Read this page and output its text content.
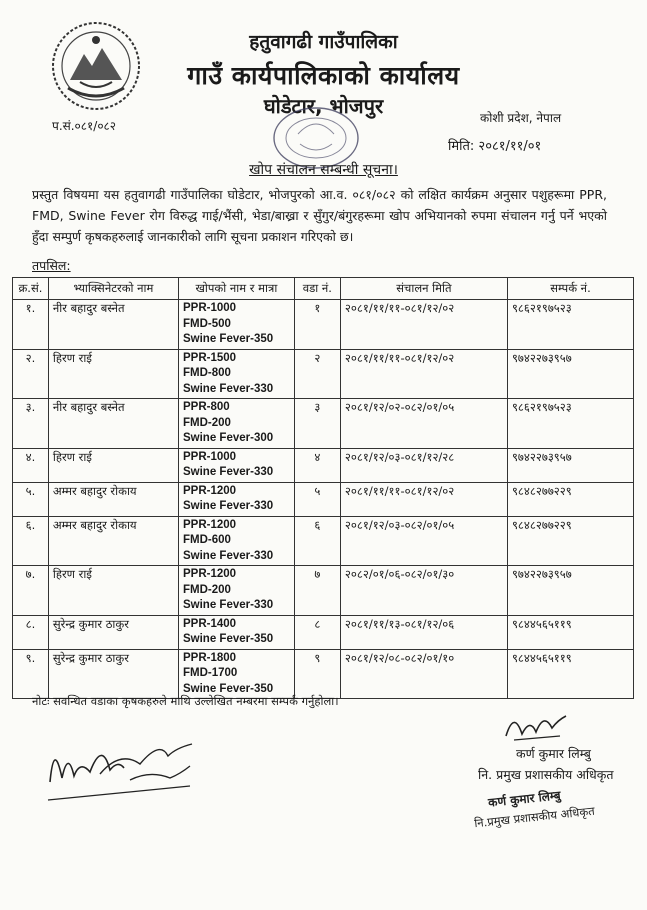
हतुवागढी गाउँपालिका
गाउँ कार्यपालिकाको कार्यालय
घोडेटार, भोजपुर
प.सं.०८१/०८२
कोशी प्रदेश, नेपाल
मिति: २०८१/११/०१
खोप संचालन सम्बन्धी सूचना।
प्रस्तुत विषयमा यस हतुवागढी गाउँपालिका घोडेटार, भोजपुरको आ.व. ०८१/०८२ को लक्षित कार्यक्रम अनुसार पशुहरूमा PPR, FMD, Swine Fever रोग विरुद्ध गाई/भैंसी, भेडा/बाख्रा र सुँगुर/बंगुरहरूमा खोप अभियानको रुपमा संचालन गर्नु पर्ने भएको हुँदा सम्पुर्ण कृषकहरुलाई जानकारीको लागि सूचना प्रकाशन गरिएको छ।
तपसिल:
क्र.सं.	भ्याक्सिनेटरको नाम	खोपको नाम र मात्रा	वडा नं.	संचालन मिति	सम्पर्क नं.
१.	नीर बहादुर बस्नेत	PPR-1000
FMD-500
Swine Fever-350	१	२०८१/११/११-०८१/१२/०२	९८६२१९७५२३
२.	हिरण राई	PPR-1500
FMD-800
Swine Fever-330	२	२०८१/११/११-०८१/१२/०२	९७४२२७३९५७
३.	नीर बहादुर बस्नेत	PPR-800
FMD-200
Swine Fever-300	३	२०८१/१२/०२-०८२/०१/०५	९८६२१९७५२३
४.	हिरण राई	PPR-1000
Swine Fever-330	४	२०८१/१२/०३-०८१/१२/२८	९७४२२७३९५७
५.	अम्मर बहादुर रोकाय	PPR-1200
Swine Fever-330	५	२०८१/११/११-०८१/१२/०२	९८४८२७७२२९
६.	अम्मर बहादुर रोकाय	PPR-1200
FMD-600
Swine Fever-330	६	२०८१/१२/०३-०८२/०१/०५	९८४८२७७२२९
७.	हिरण राई	PPR-1200
FMD-200
Swine Fever-330	७	२०८२/०१/०६-०८२/०१/३०	९७४२२७३९५७
८.	सुरेन्द्र कुमार ठाकुर	PPR-1400
Swine Fever-350	८	२०८१/११/१३-०८१/१२/०६	९८४४५६५११९
९.	सुरेन्द्र कुमार ठाकुर	PPR-1800
FMD-1700
Swine Fever-350	९	२०८१/१२/०८-०८२/०१/१०	९८४४५६५११९
नोटः सवन्धित वडाका कृषकहरुले माथि उल्लेखित नम्बरमा सम्पर्क गर्नुहोला।
कर्ण कुमार लिम्बु
नि. प्रमुख प्रशासकीय अधिकृत
कर्ण कुमार लिम्बु
नि.प्रमुख प्रशासकीय अधिकृत
